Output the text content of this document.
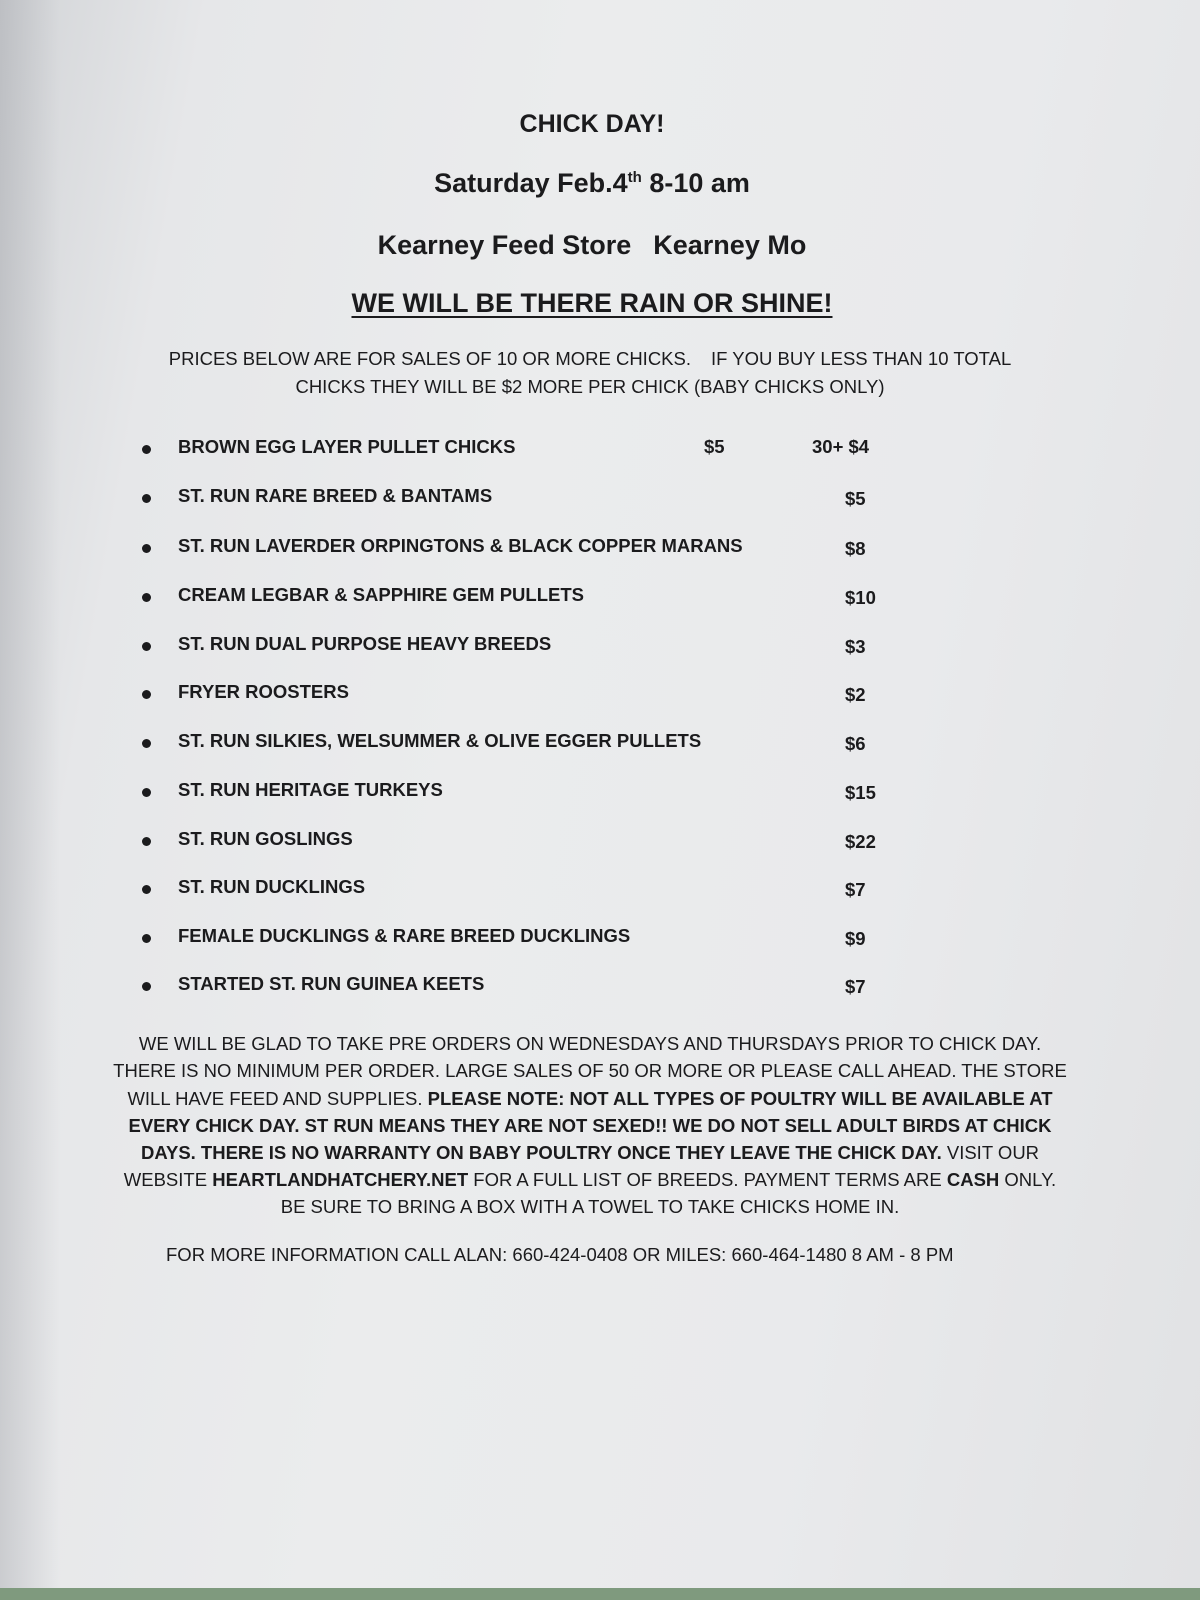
CHICK DAY!
Saturday Feb.4th 8-10 am
Kearney Feed Store Kearney Mo
WE WILL BE THERE RAIN OR SHINE!
PRICES BELOW ARE FOR SALES OF 10 OR MORE CHICKS. IF YOU BUY LESS THAN 10 TOTAL
CHICKS THEY WILL BE $2 MORE PER CHICK (BABY CHICKS ONLY)
BROWN EGG LAYER PULLET CHICKS	$5	30+ $4
ST. RUN RARE BREED & BANTAMS	$5
ST. RUN LAVERDER ORPINGTONS & BLACK COPPER MARANS	$8
CREAM LEGBAR & SAPPHIRE GEM PULLETS	$10
ST. RUN DUAL PURPOSE HEAVY BREEDS	$3
FRYER ROOSTERS	$2
ST. RUN SILKIES, WELSUMMER & OLIVE EGGER PULLETS	$6
ST. RUN HERITAGE TURKEYS	$15
ST. RUN GOSLINGS	$22
ST. RUN DUCKLINGS	$7
FEMALE DUCKLINGS & RARE BREED DUCKLINGS	$9
STARTED ST. RUN GUINEA KEETS	$7
WE WILL BE GLAD TO TAKE PRE ORDERS ON WEDNESDAYS AND THURSDAYS PRIOR TO CHICK DAY.
THERE IS NO MINIMUM PER ORDER. LARGE SALES OF 50 OR MORE OR PLEASE CALL AHEAD. THE STORE
WILL HAVE FEED AND SUPPLIES. PLEASE NOTE: NOT ALL TYPES OF POULTRY WILL BE AVAILABLE AT
EVERY CHICK DAY. ST RUN MEANS THEY ARE NOT SEXED!! WE DO NOT SELL ADULT BIRDS AT CHICK
DAYS. THERE IS NO WARRANTY ON BABY POULTRY ONCE THEY LEAVE THE CHICK DAY. VISIT OUR
WEBSITE HEARTLANDHATCHERY.NET FOR A FULL LIST OF BREEDS. PAYMENT TERMS ARE CASH ONLY.
BE SURE TO BRING A BOX WITH A TOWEL TO TAKE CHICKS HOME IN.
FOR MORE INFORMATION CALL ALAN: 660-424-0408 OR MILES: 660-464-1480 8 AM - 8 PM
